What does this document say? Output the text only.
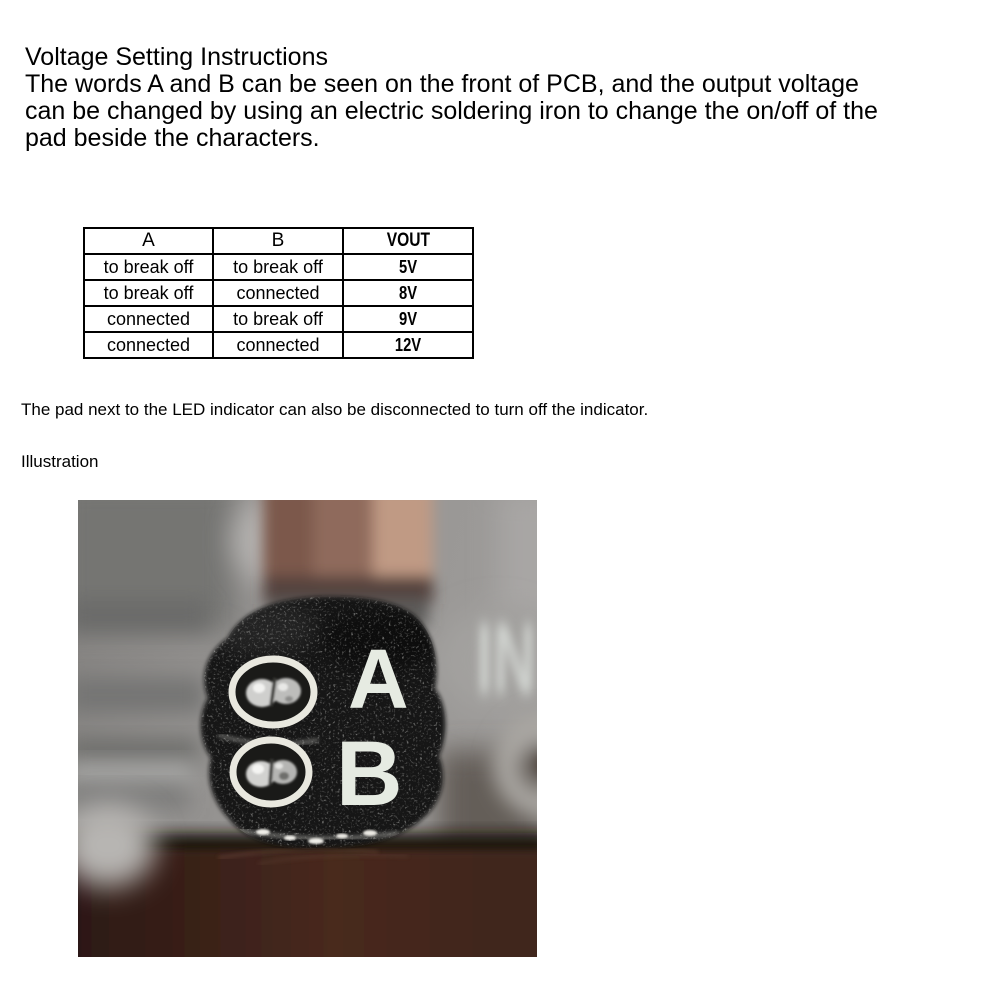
Voltage Setting Instructions
The words A and B can be seen on the front of PCB, and the output voltage
can be changed by using an electric soldering iron to change the on/off of the
pad beside the characters.
A	B	VOUT
to break off	to break off	5V
to break off	connected	8V
connected	to break off	9V
connected	connected	12V
The pad next to the LED indicator can also be disconnected to turn off the indicator.
Illustration
IN
A
B
